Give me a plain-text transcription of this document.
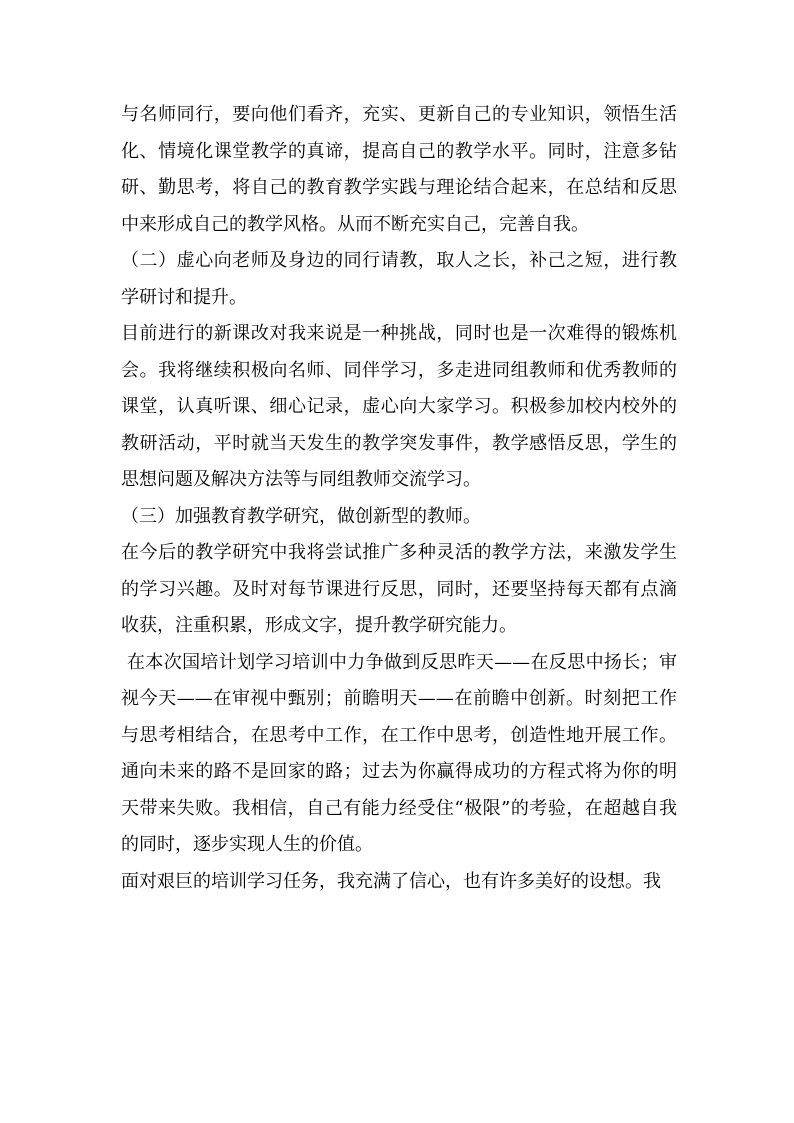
与名师同行，要向他们看齐，充实、更新自己的专业知识，领悟生活化、情境化课堂教学的真谛，提高自己的教学水平。同时，注意多钻研、勤思考，将自己的教育教学实践与理论结合起来，在总结和反思中来形成自己的教学风格。从而不断充实自己，完善自我。

（二）虚心向老师及身边的同行请教，取人之长，补己之短，进行教学研讨和提升。

目前进行的新课改对我来说是一种挑战，同时也是一次难得的锻炼机会。我将继续积极向名师、同伴学习，多走进同组教师和优秀教师的课堂，认真听课、细心记录，虚心向大家学习。积极参加校内校外的教研活动，平时就当天发生的教学突发事件，教学感悟反思，学生的思想问题及解决方法等与同组教师交流学习。

（三）加强教育教学研究，做创新型的教师。

在今后的教学研究中我将尝试推广多种灵活的教学方法，来激发学生的学习兴趣。及时对每节课进行反思，同时，还要坚持每天都有点滴收获，注重积累，形成文字，提升教学研究能力。

在本次国培计划学习培训中力争做到反思昨天——在反思中扬长；审视今天——在审视中甄别；前瞻明天——在前瞻中创新。时刻把工作与思考相结合，在思考中工作，在工作中思考，创造性地开展工作。通向未来的路不是回家的路；过去为你赢得成功的方程式将为你的明天带来失败。我相信，自己有能力经受住“极限”的考验，在超越自我的同时，逐步实现人生的价值。

面对艰巨的培训学习任务，我充满了信心，也有许多美好的设想。我
